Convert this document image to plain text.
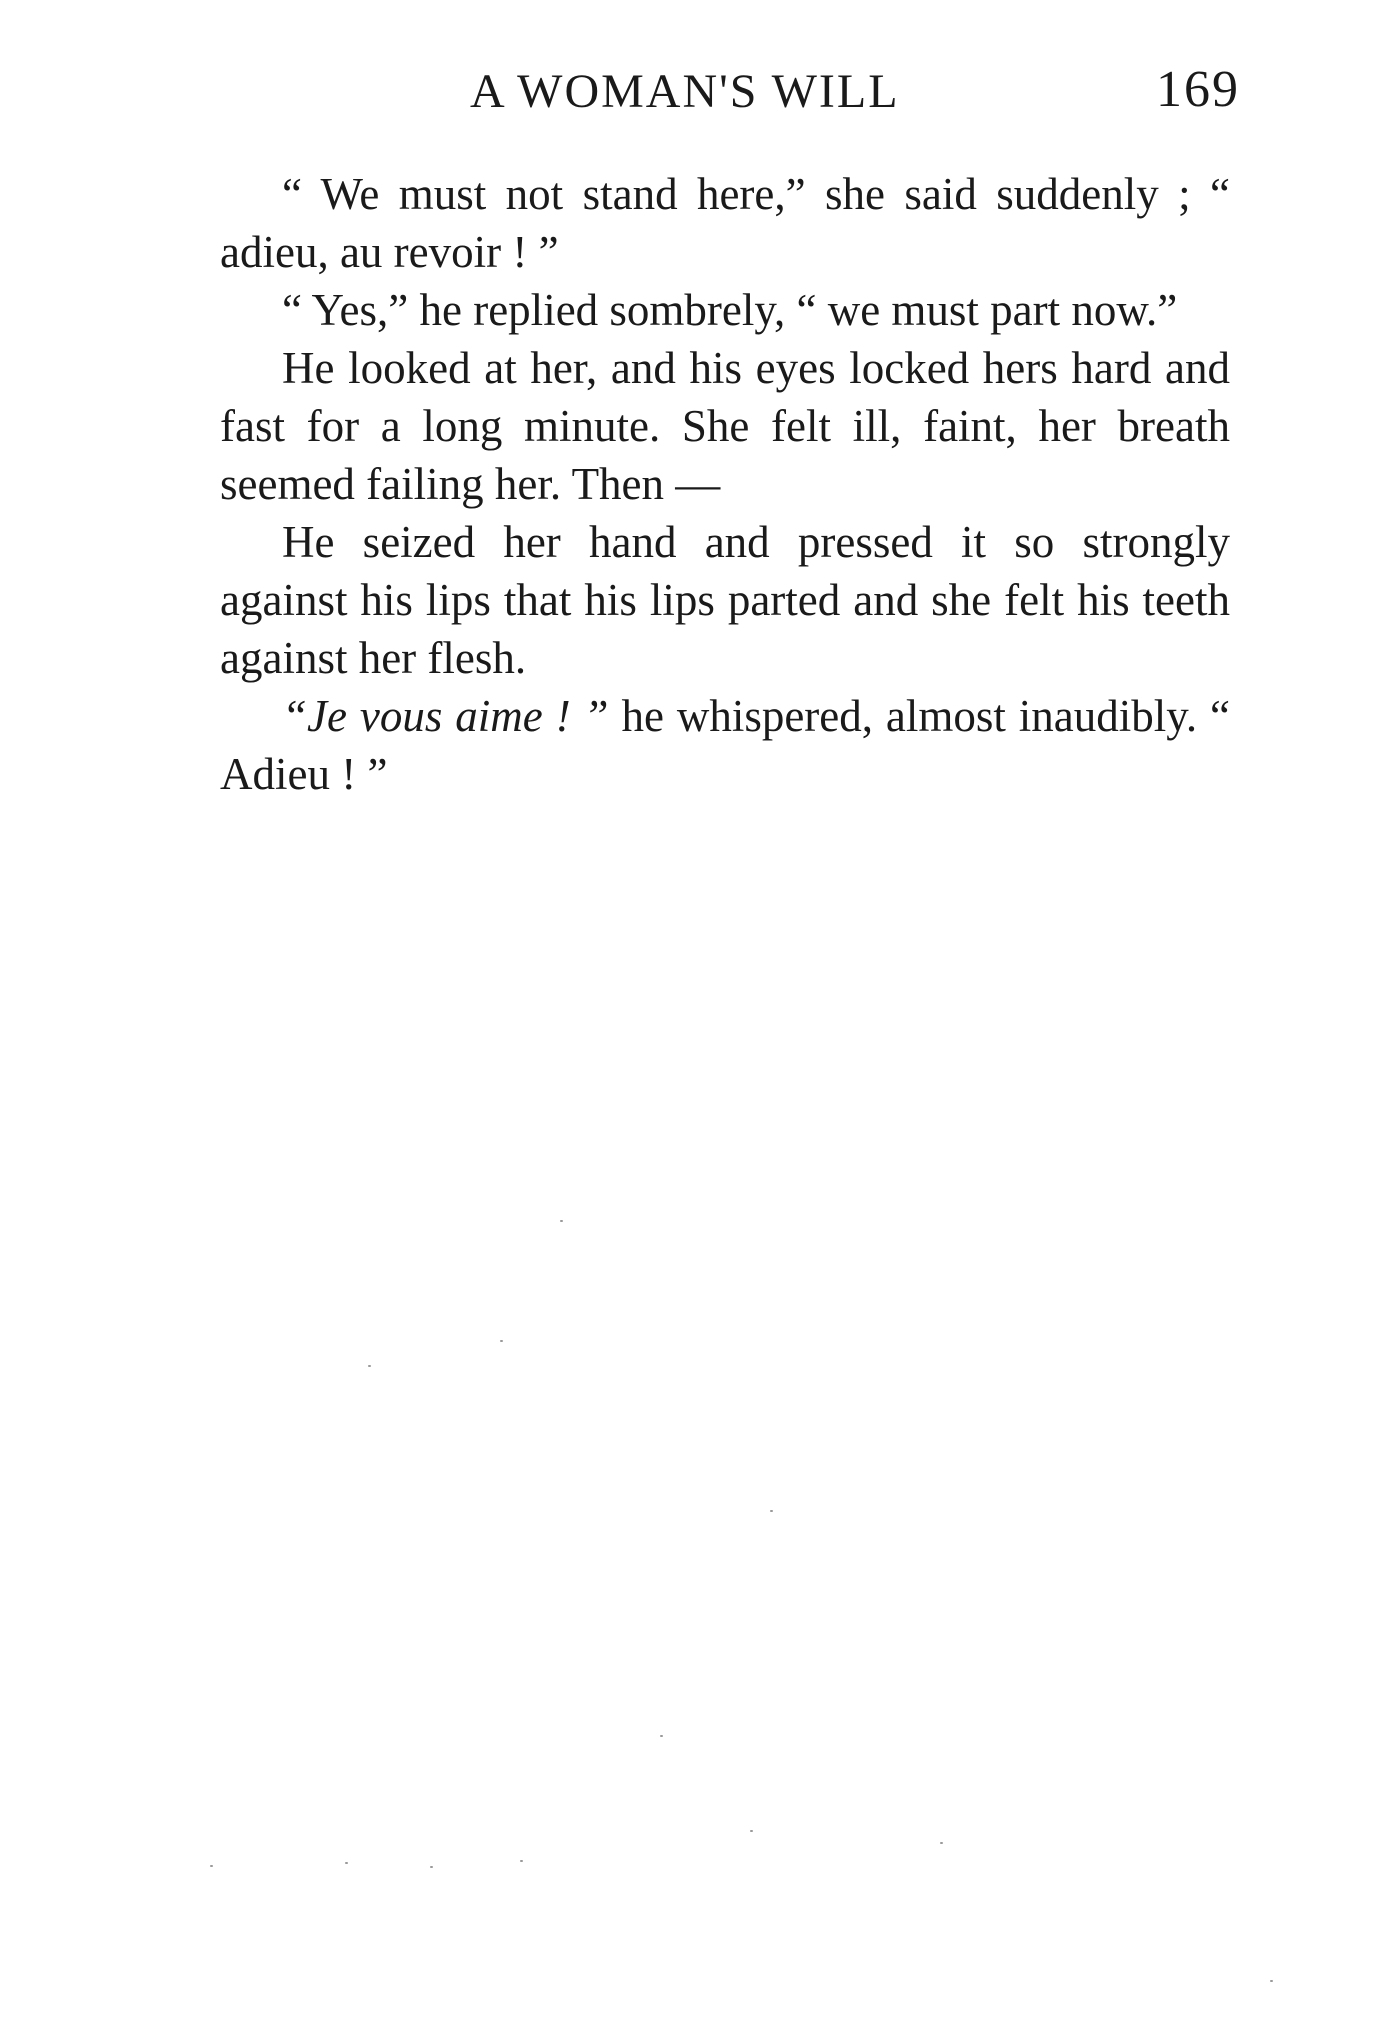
A WOMAN'S WILL	169

“ We must not stand here,” she said suddenly ; “ adieu, au revoir ! ”

“ Yes,” he replied sombrely, “ we must part now.”

He looked at her, and his eyes locked hers hard and fast for a long minute. She felt ill, faint, her breath seemed failing her. Then —

He seized her hand and pressed it so strongly against his lips that his lips parted and she felt his teeth against her flesh.

“Je vous aime ! ” he whispered, almost inaudibly. “ Adieu ! ”
